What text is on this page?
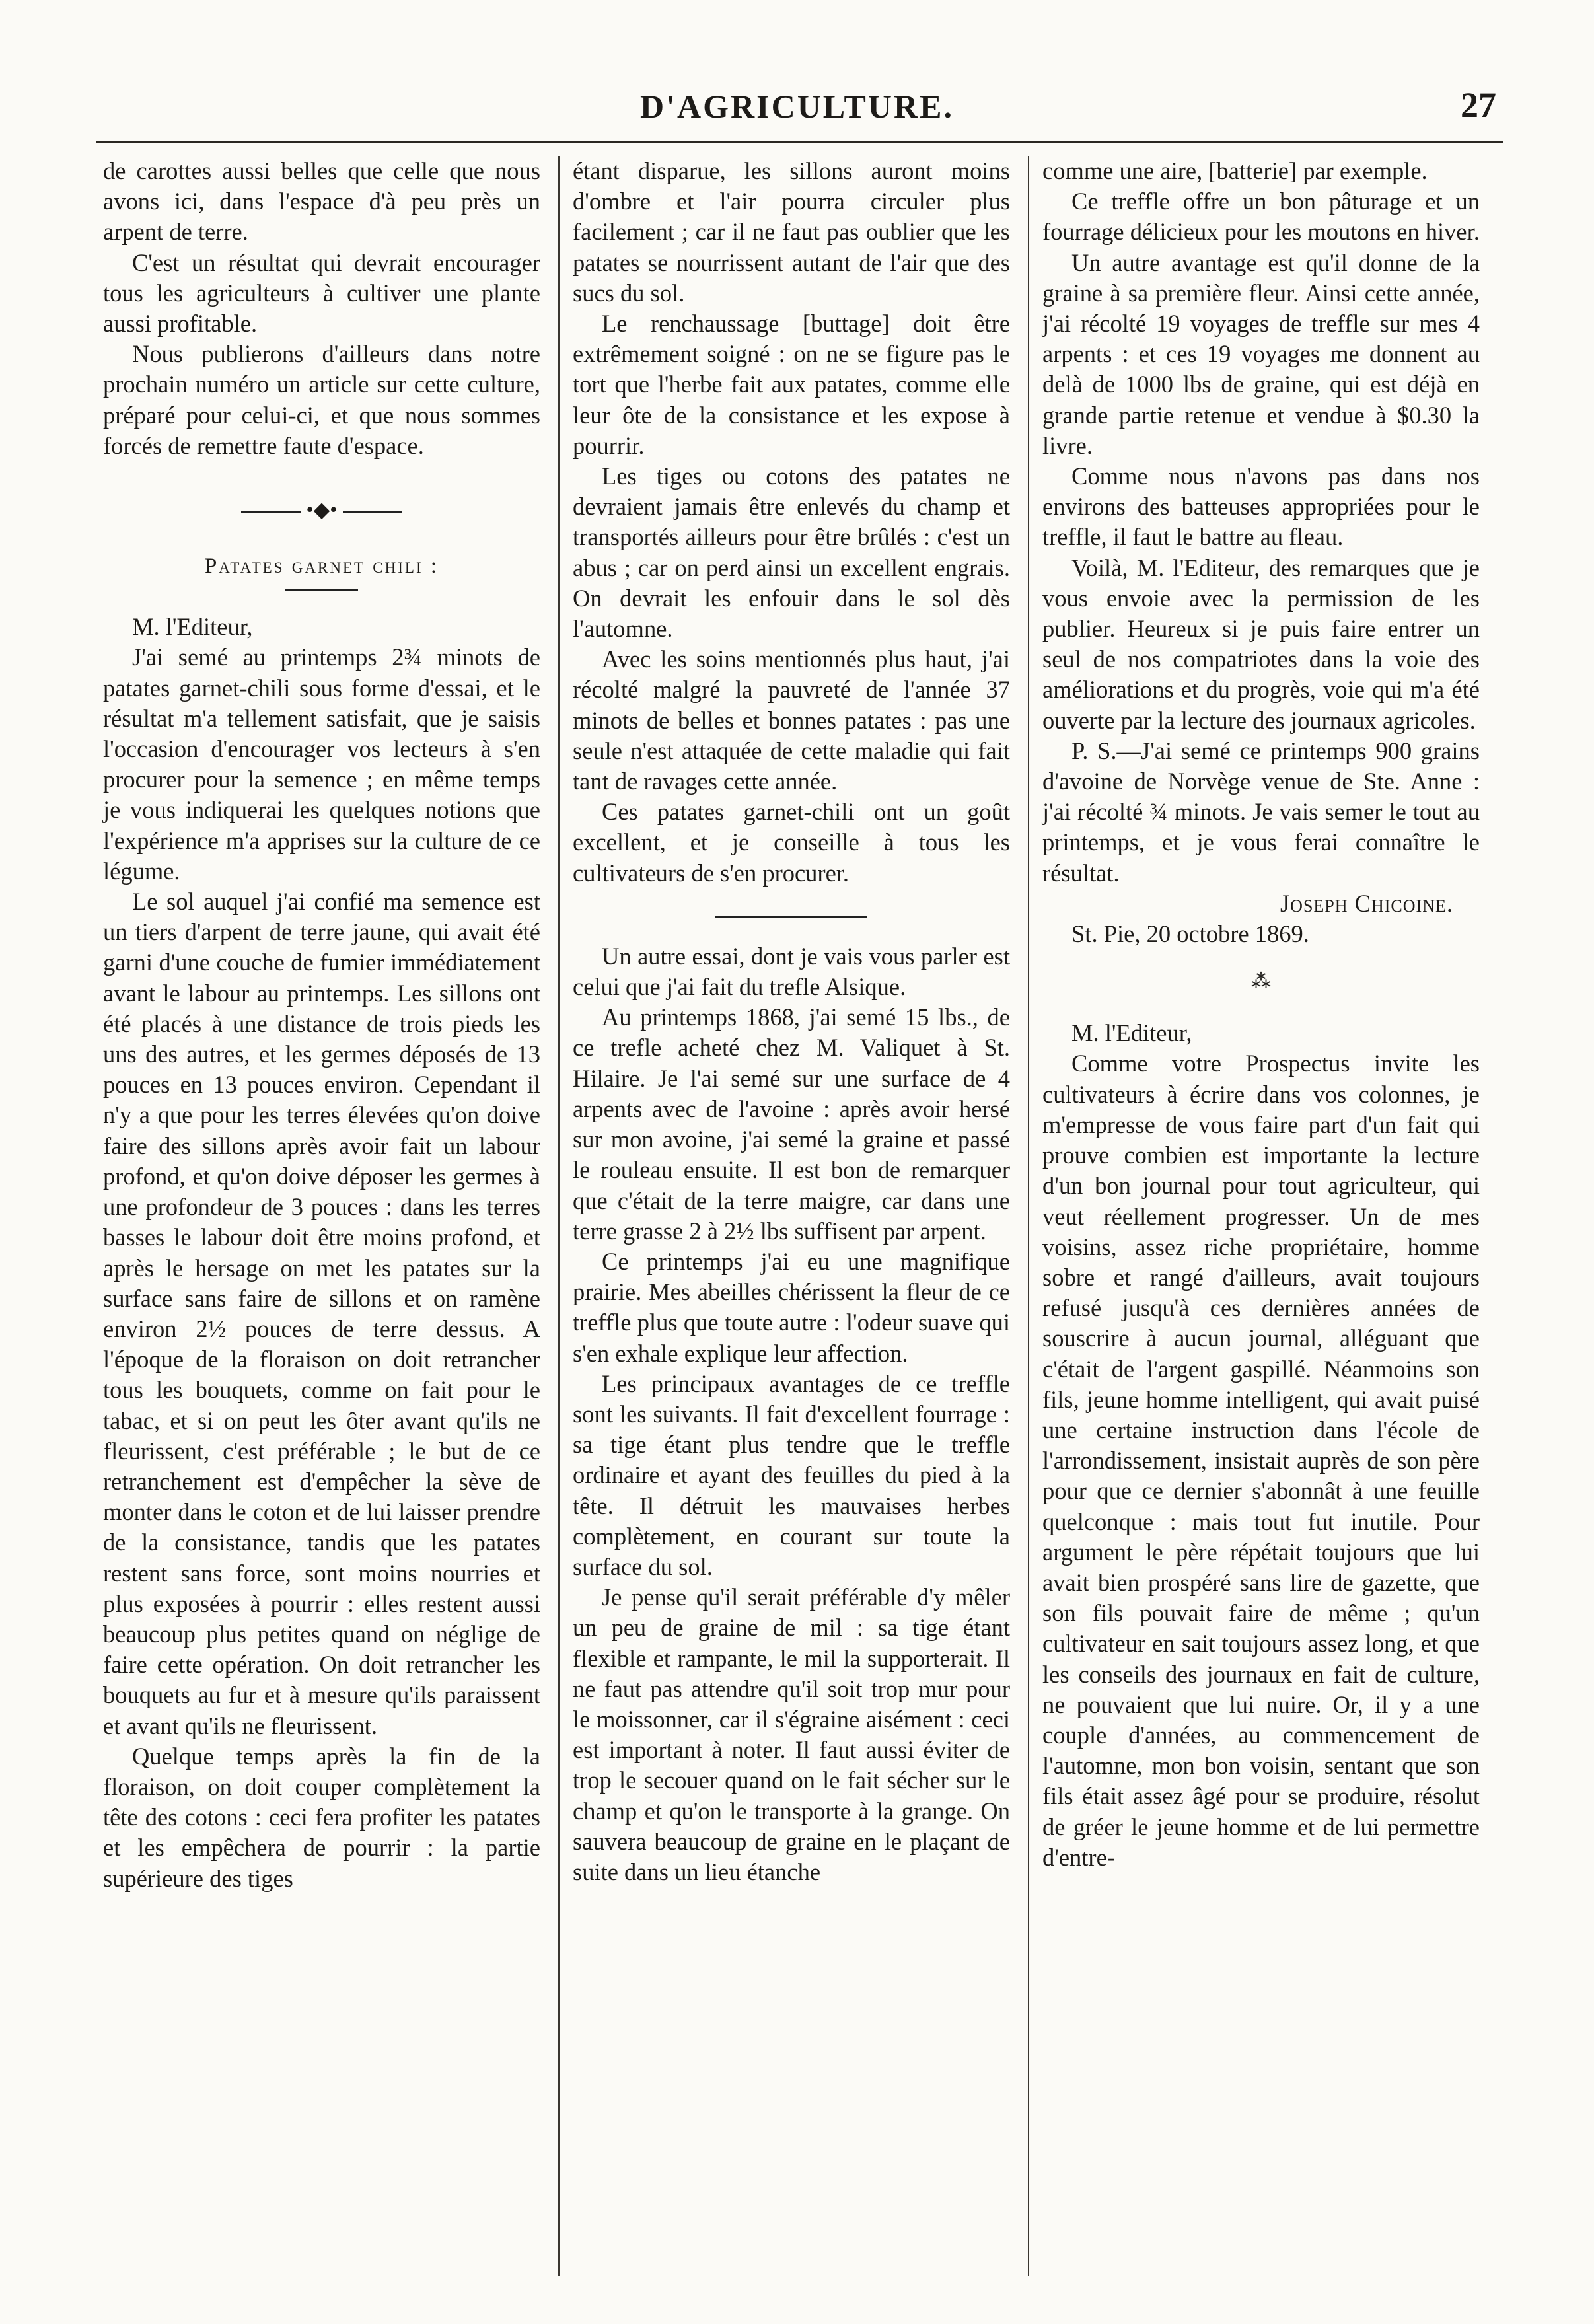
D'AGRICULTURE.	27

de carottes aussi belles que celle que nous avons ici, dans l'espace d'à peu près un arpent de terre.

C'est un résultat qui devrait encourager tous les agriculteurs à cultiver une plante aussi profitable.

Nous publierons d'ailleurs dans notre prochain numéro un article sur cette culture, préparé pour celui-ci, et que nous sommes forcés de remettre faute d'espace.

•◆•
Patates garnet chili :

M. l'Editeur,

J'ai semé au printemps 2¾ minots de patates garnet-chili sous forme d'essai, et le résultat m'a tellement satisfait, que je saisis l'occasion d'encourager vos lecteurs à s'en procurer pour la semence ; en même temps je vous indiquerai les quelques notions que l'expérience m'a apprises sur la culture de ce légume.

Le sol auquel j'ai confié ma semence est un tiers d'arpent de terre jaune, qui avait été garni d'une couche de fumier immédiatement avant le labour au printemps. Les sillons ont été placés à une distance de trois pieds les uns des autres, et les germes déposés de 13 pouces en 13 pouces environ. Cependant il n'y a que pour les terres élevées qu'on doive faire des sillons après avoir fait un labour profond, et qu'on doive déposer les germes à une profondeur de 3 pouces : dans les terres basses le labour doit être moins profond, et après le hersage on met les patates sur la surface sans faire de sillons et on ramène environ 2½ pouces de terre dessus. A l'époque de la floraison on doit retrancher tous les bouquets, comme on fait pour le tabac, et si on peut les ôter avant qu'ils ne fleurissent, c'est préférable ; le but de ce retranchement est d'empêcher la sève de monter dans le coton et de lui laisser prendre de la consistance, tandis que les patates restent sans force, sont moins nourries et plus exposées à pourrir : elles restent aussi beaucoup plus petites quand on néglige de faire cette opération. On doit retrancher les bouquets au fur et à mesure qu'ils paraissent et avant qu'ils ne fleurissent.

Quelque temps après la fin de la floraison, on doit couper complètement la tête des cotons : ceci fera profiter les patates et les empêchera de pourrir : la partie supérieure des tiges

étant disparue, les sillons auront moins d'ombre et l'air pourra circuler plus facilement ; car il ne faut pas oublier que les patates se nourrissent autant de l'air que des sucs du sol.

Le renchaussage [buttage] doit être extrêmement soigné : on ne se figure pas le tort que l'herbe fait aux patates, comme elle leur ôte de la consistance et les expose à pourrir.

Les tiges ou cotons des patates ne devraient jamais être enlevés du champ et transportés ailleurs pour être brûlés : c'est un abus ; car on perd ainsi un excellent engrais. On devrait les enfouir dans le sol dès l'automne.

Avec les soins mentionnés plus haut, j'ai récolté malgré la pauvreté de l'année 37 minots de belles et bonnes patates : pas une seule n'est attaquée de cette maladie qui fait tant de ravages cette année.

Ces patates garnet-chili ont un goût excellent, et je conseille à tous les cultivateurs de s'en procurer.

Un autre essai, dont je vais vous parler est celui que j'ai fait du trefle Alsique.

Au printemps 1868, j'ai semé 15 lbs., de ce trefle acheté chez M. Valiquet à St. Hilaire. Je l'ai semé sur une surface de 4 arpents avec de l'avoine : après avoir hersé sur mon avoine, j'ai semé la graine et passé le rouleau ensuite. Il est bon de remarquer que c'était de la terre maigre, car dans une terre grasse 2 à 2½ lbs suffisent par arpent.

Ce printemps j'ai eu une magnifique prairie. Mes abeilles chérissent la fleur de ce treffle plus que toute autre : l'odeur suave qui s'en exhale explique leur affection.

Les principaux avantages de ce treffle sont les suivants. Il fait d'excellent fourrage : sa tige étant plus tendre que le treffle ordinaire et ayant des feuilles du pied à la tête. Il détruit les mauvaises herbes complètement, en courant sur toute la surface du sol.

Je pense qu'il serait préférable d'y mêler un peu de graine de mil : sa tige étant flexible et rampante, le mil la supporterait. Il ne faut pas attendre qu'il soit trop mur pour le moissonner, car il s'égraine aisément : ceci est important à noter. Il faut aussi éviter de trop le secouer quand on le fait sécher sur le champ et qu'on le transporte à la grange. On sauvera beaucoup de graine en le plaçant de suite dans un lieu étanche

comme une aire, [batterie] par exemple.

Ce treffle offre un bon pâturage et un fourrage délicieux pour les moutons en hiver.

Un autre avantage est qu'il donne de la graine à sa première fleur. Ainsi cette année, j'ai récolté 19 voyages de treffle sur mes 4 arpents : et ces 19 voyages me donnent au delà de 1000 lbs de graine, qui est déjà en grande partie retenue et vendue à $0.30 la livre.

Comme nous n'avons pas dans nos environs des batteuses appropriées pour le treffle, il faut le battre au fleau.

Voilà, M. l'Editeur, des remarques que je vous envoie avec la permission de les publier. Heureux si je puis faire entrer un seul de nos compatriotes dans la voie des améliorations et du progrès, voie qui m'a été ouverte par la lecture des journaux agricoles.

P. S.—J'ai semé ce printemps 900 grains d'avoine de Norvège venue de Ste. Anne : j'ai récolté ¾ minots. Je vais semer le tout au printemps, et je vous ferai connaître le résultat.

Joseph Chicoine.

St. Pie, 20 octobre 1869.

⁂

M. l'Editeur,

Comme votre Prospectus invite les cultivateurs à écrire dans vos colonnes, je m'empresse de vous faire part d'un fait qui prouve combien est importante la lecture d'un bon journal pour tout agriculteur, qui veut réellement progresser. Un de mes voisins, assez riche propriétaire, homme sobre et rangé d'ailleurs, avait toujours refusé jusqu'à ces dernières années de souscrire à aucun journal, alléguant que c'était de l'argent gaspillé. Néanmoins son fils, jeune homme intelligent, qui avait puisé une certaine instruction dans l'école de l'arrondissement, insistait auprès de son père pour que ce dernier s'abonnât à une feuille quelconque : mais tout fut inutile. Pour argument le père répétait toujours que lui avait bien prospéré sans lire de gazette, que son fils pouvait faire de même ; qu'un cultivateur en sait toujours assez long, et que les conseils des journaux en fait de culture, ne pouvaient que lui nuire. Or, il y a une couple d'années, au commencement de l'automne, mon bon voisin, sentant que son fils était assez âgé pour se produire, résolut de gréer le jeune homme et de lui permettre d'entre-
